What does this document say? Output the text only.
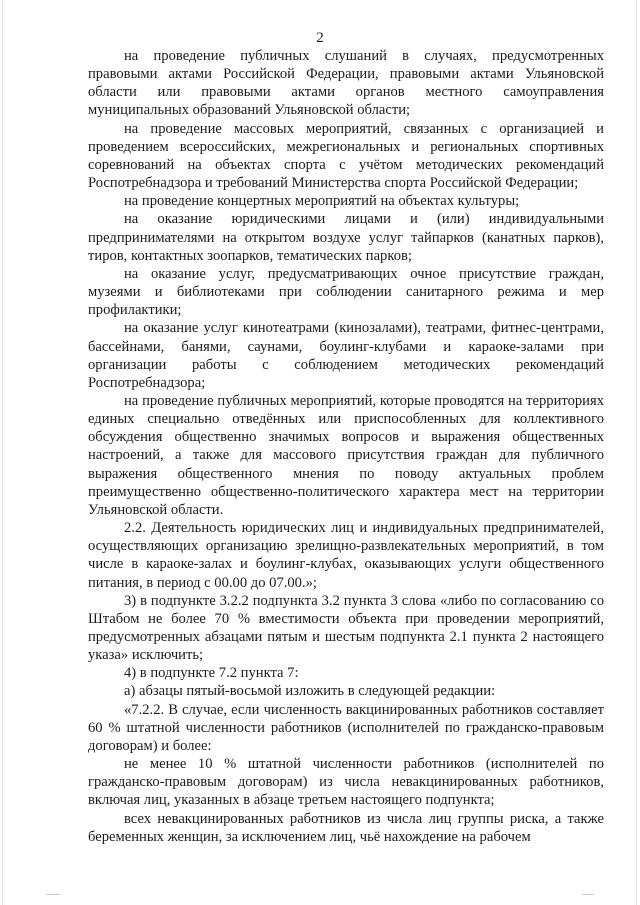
2

на проведение публичных слушаний в случаях, предусмотренных правовыми актами Российской Федерации, правовыми актами Ульяновской области или правовыми актами органов местного самоуправления муниципальных образований Ульяновской области;

на проведение массовых мероприятий, связанных с организацией и проведением всероссийских, межрегиональных и региональных спортивных соревнований на объектах спорта с учётом методических рекомендаций Роспотребнадзора и требований Министерства спорта Российской Федерации;

на проведение концертных мероприятий на объектах культуры;

на оказание юридическими лицами и (или) индивидуальными предпринимателями на открытом воздухе услуг тайпарков (канатных парков), тиров, контактных зоопарков, тематических парков;

на оказание услуг, предусматривающих очное присутствие граждан, музеями и библиотеками при соблюдении санитарного режима и мер профилактики;

на оказание услуг кинотеатрами (кинозалами), театрами, фитнес-центрами, бассейнами, банями, саунами, боулинг-клубами и караоке-залами при организации работы с соблюдением методических рекомендаций Роспотребнадзора;

на проведение публичных мероприятий, которые проводятся на территориях единых специально отведённых или приспособленных для коллективного обсуждения общественно значимых вопросов и выражения общественных настроений, а также для массового присутствия граждан для публичного выражения общественного мнения по поводу актуальных проблем преимущественно общественно-политического характера мест на территории Ульяновской области.

2.2. Деятельность юридических лиц и индивидуальных предпринимателей, осуществляющих организацию зрелищно-развлекательных мероприятий, в том числе в караоке-залах и боулинг-клубах, оказывающих услуги общественного питания, в период с 00.00 до 07.00.»;

3) в подпункте 3.2.2 подпункта 3.2 пункта 3 слова «либо по согласованию со Штабом не более 70 % вместимости объекта при проведении мероприятий, предусмотренных абзацами пятым и шестым подпункта 2.1 пункта 2 настоящего указа» исключить;

4) в подпункте 7.2 пункта 7:

а) абзацы пятый-восьмой изложить в следующей редакции:

«7.2.2. В случае, если численность вакцинированных работников составляет 60 % штатной численности работников (исполнителей по гражданско-правовым договорам) и более:

не менее 10 % штатной численности работников (исполнителей по гражданско-правовым договорам) из числа невакцинированных работников, включая лиц, указанных в абзаце третьем настоящего подпункта;

всех невакцинированных работников из числа лиц группы риска, а также беременных женщин, за исключением лиц, чьё нахождение на рабочем
